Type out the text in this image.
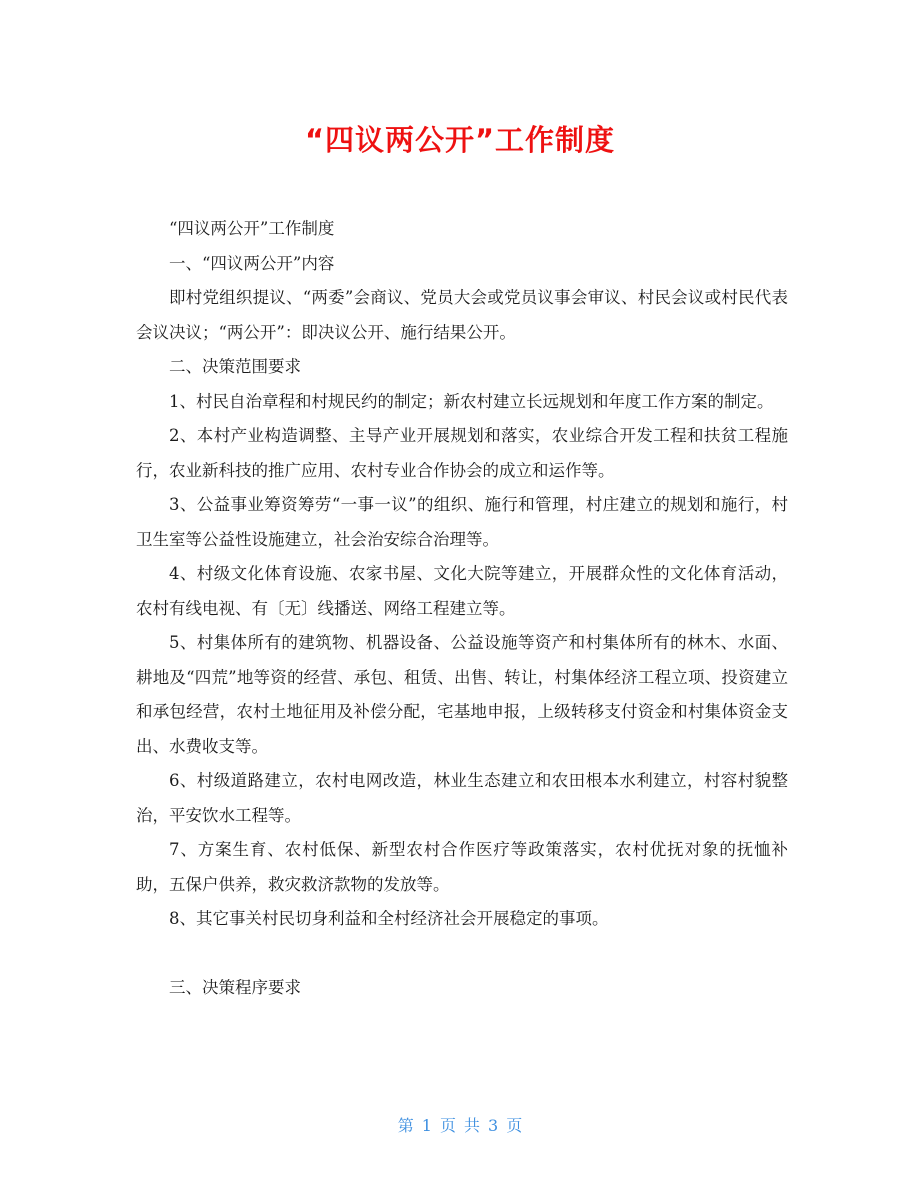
“四议两公开”工作制度

“四议两公开”工作制度

一、“四议两公开”内容

即村党组织提议、“两委”会商议、党员大会或党员议事会审议、村民会议或村民代表会议决议；“两公开”：即决议公开、施行结果公开。

二、决策范围要求

1、村民自治章程和村规民约的制定；新农村建立长远规划和年度工作方案的制定。

2、本村产业构造调整、主导产业开展规划和落实，农业综合开发工程和扶贫工程施行，农业新科技的推广应用、农村专业合作协会的成立和运作等。

3、公益事业筹资筹劳“一事一议”的组织、施行和管理，村庄建立的规划和施行，村卫生室等公益性设施建立，社会治安综合治理等。

4、村级文化体育设施、农家书屋、文化大院等建立，开展群众性的文化体育活动，农村有线电视、有〔无〕线播送、网络工程建立等。

5、村集体所有的建筑物、机器设备、公益设施等资产和村集体所有的林木、水面、耕地及“四荒”地等资的经营、承包、租赁、出售、转让，村集体经济工程立项、投资建立和承包经营，农村土地征用及补偿分配，宅基地申报，上级转移支付资金和村集体资金支出、水费收支等。

6、村级道路建立，农村电网改造，林业生态建立和农田根本水利建立，村容村貌整治，平安饮水工程等。

7、方案生育、农村低保、新型农村合作医疗等政策落实，农村优抚对象的抚恤补助，五保户供养，救灾救济款物的发放等。

8、其它事关村民切身利益和全村经济社会开展稳定的事项。

三、决策程序要求

第 1 页 共 3 页
